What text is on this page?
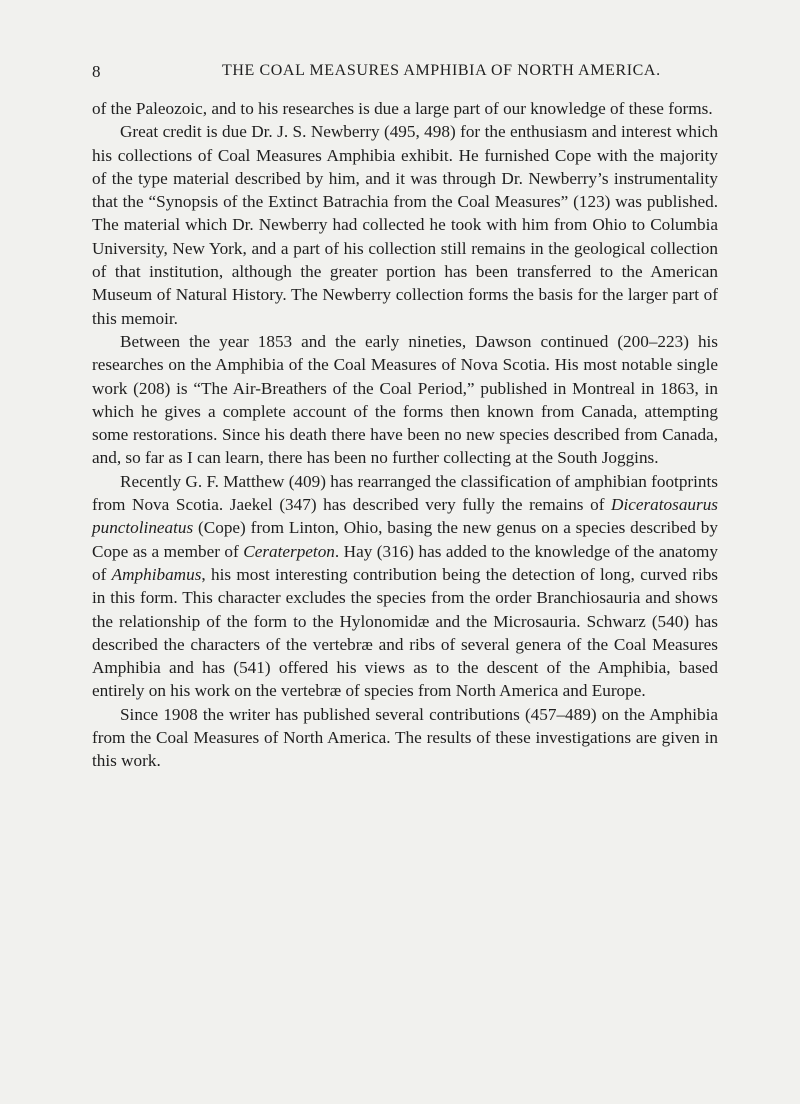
8	THE COAL MEASURES AMPHIBIA OF NORTH AMERICA.

of the Paleozoic, and to his researches is due a large part of our knowledge of these forms.

Great credit is due Dr. J. S. Newberry (495, 498) for the enthusiasm and interest which his collections of Coal Measures Amphibia exhibit. He furnished Cope with the majority of the type material described by him, and it was through Dr. Newberry’s instrumentality that the “Synopsis of the Extinct Batrachia from the Coal Measures” (123) was published. The material which Dr. Newberry had collected he took with him from Ohio to Columbia University, New York, and a part of his collection still remains in the geological collection of that institution, although the greater portion has been transferred to the American Museum of Natural History. The Newberry collection forms the basis for the larger part of this memoir.

Between the year 1853 and the early nineties, Dawson continued (200–223) his researches on the Amphibia of the Coal Measures of Nova Scotia. His most notable single work (208) is “The Air-Breathers of the Coal Period,” published in Montreal in 1863, in which he gives a complete account of the forms then known from Canada, attempting some restorations. Since his death there have been no new species described from Canada, and, so far as I can learn, there has been no further collecting at the South Joggins.

Recently G. F. Matthew (409) has rearranged the classification of amphibian footprints from Nova Scotia. Jaekel (347) has described very fully the remains of Diceratosaurus punctolineatus (Cope) from Linton, Ohio, basing the new genus on a species described by Cope as a member of Ceraterpeton. Hay (316) has added to the knowledge of the anatomy of Amphibamus, his most interesting contribution being the detection of long, curved ribs in this form. This character excludes the species from the order Branchiosauria and shows the relationship of the form to the Hylonomidæ and the Microsauria. Schwarz (540) has described the characters of the vertebræ and ribs of several genera of the Coal Measures Amphibia and has (541) offered his views as to the descent of the Amphibia, based entirely on his work on the vertebræ of species from North America and Europe.

Since 1908 the writer has published several contributions (457–489) on the Amphibia from the Coal Measures of North America. The results of these investigations are given in this work.
